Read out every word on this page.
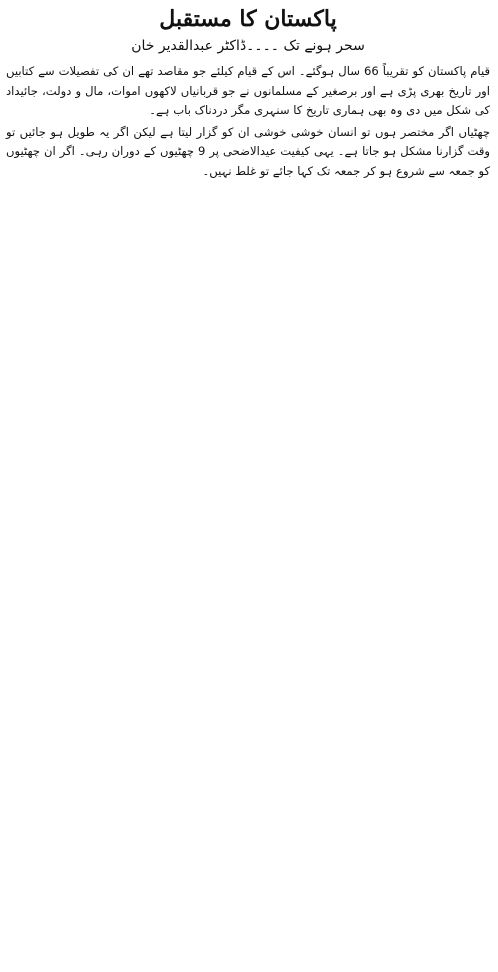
پاکستان کا مستقبل
سحر ہونے تک ۔۔۔۔ڈاکٹر عبدالقدیر خان

قیام پاکستان کو تقریباً 66 سال ہوگئے۔ اس کے قیام کیلئے جو مقاصد تھے ان کی تفصیلات سے کتابیں اور تاریخ بھری پڑی ہے اور برصغیر کے مسلمانوں نے جو قربانیاں لاکھوں اموات، مال و دولت، جائیداد کی شکل میں دی وہ بھی ہماری تاریخ کا سنہری مگر دردناک باب ہے۔

چھٹیاں اگر مختصر ہوں تو انسان خوشی خوشی ان کو گزار لیتا ہے لیکن اگر یہ طویل ہو جائیں تو وقت گزارنا مشکل ہو جاتا ہے۔ یہی کیفیت عیدالاضحی پر 9 چھٹیوں کے دوران رہی۔ اگر ان چھٹیوں کو جمعہ سے شروع ہو کر جمعہ تک کہا جائے تو غلط نہیں۔
